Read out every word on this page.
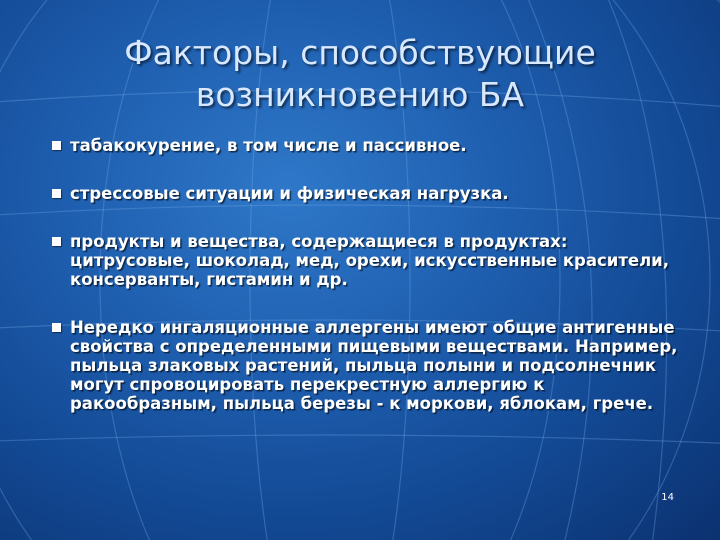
Факторы, способствующие возникновению БА
табакокурение, в том числе и пассивное.
стрессовые ситуации и физическая нагрузка.
продукты и вещества, содержащиеся в продуктах: цитрусовые, шоколад, мед, орехи, искусственные красители, консерванты, гистамин и др.
Нередко ингаляционные аллергены имеют общие антигенные свойства с определенными пищевыми веществами. Например, пыльца злаковых растений, пыльца полыни и подсолнечник могут спровоцировать перекрестную аллергию к ракообразным, пыльца березы - к моркови, яблокам, грече.
14
